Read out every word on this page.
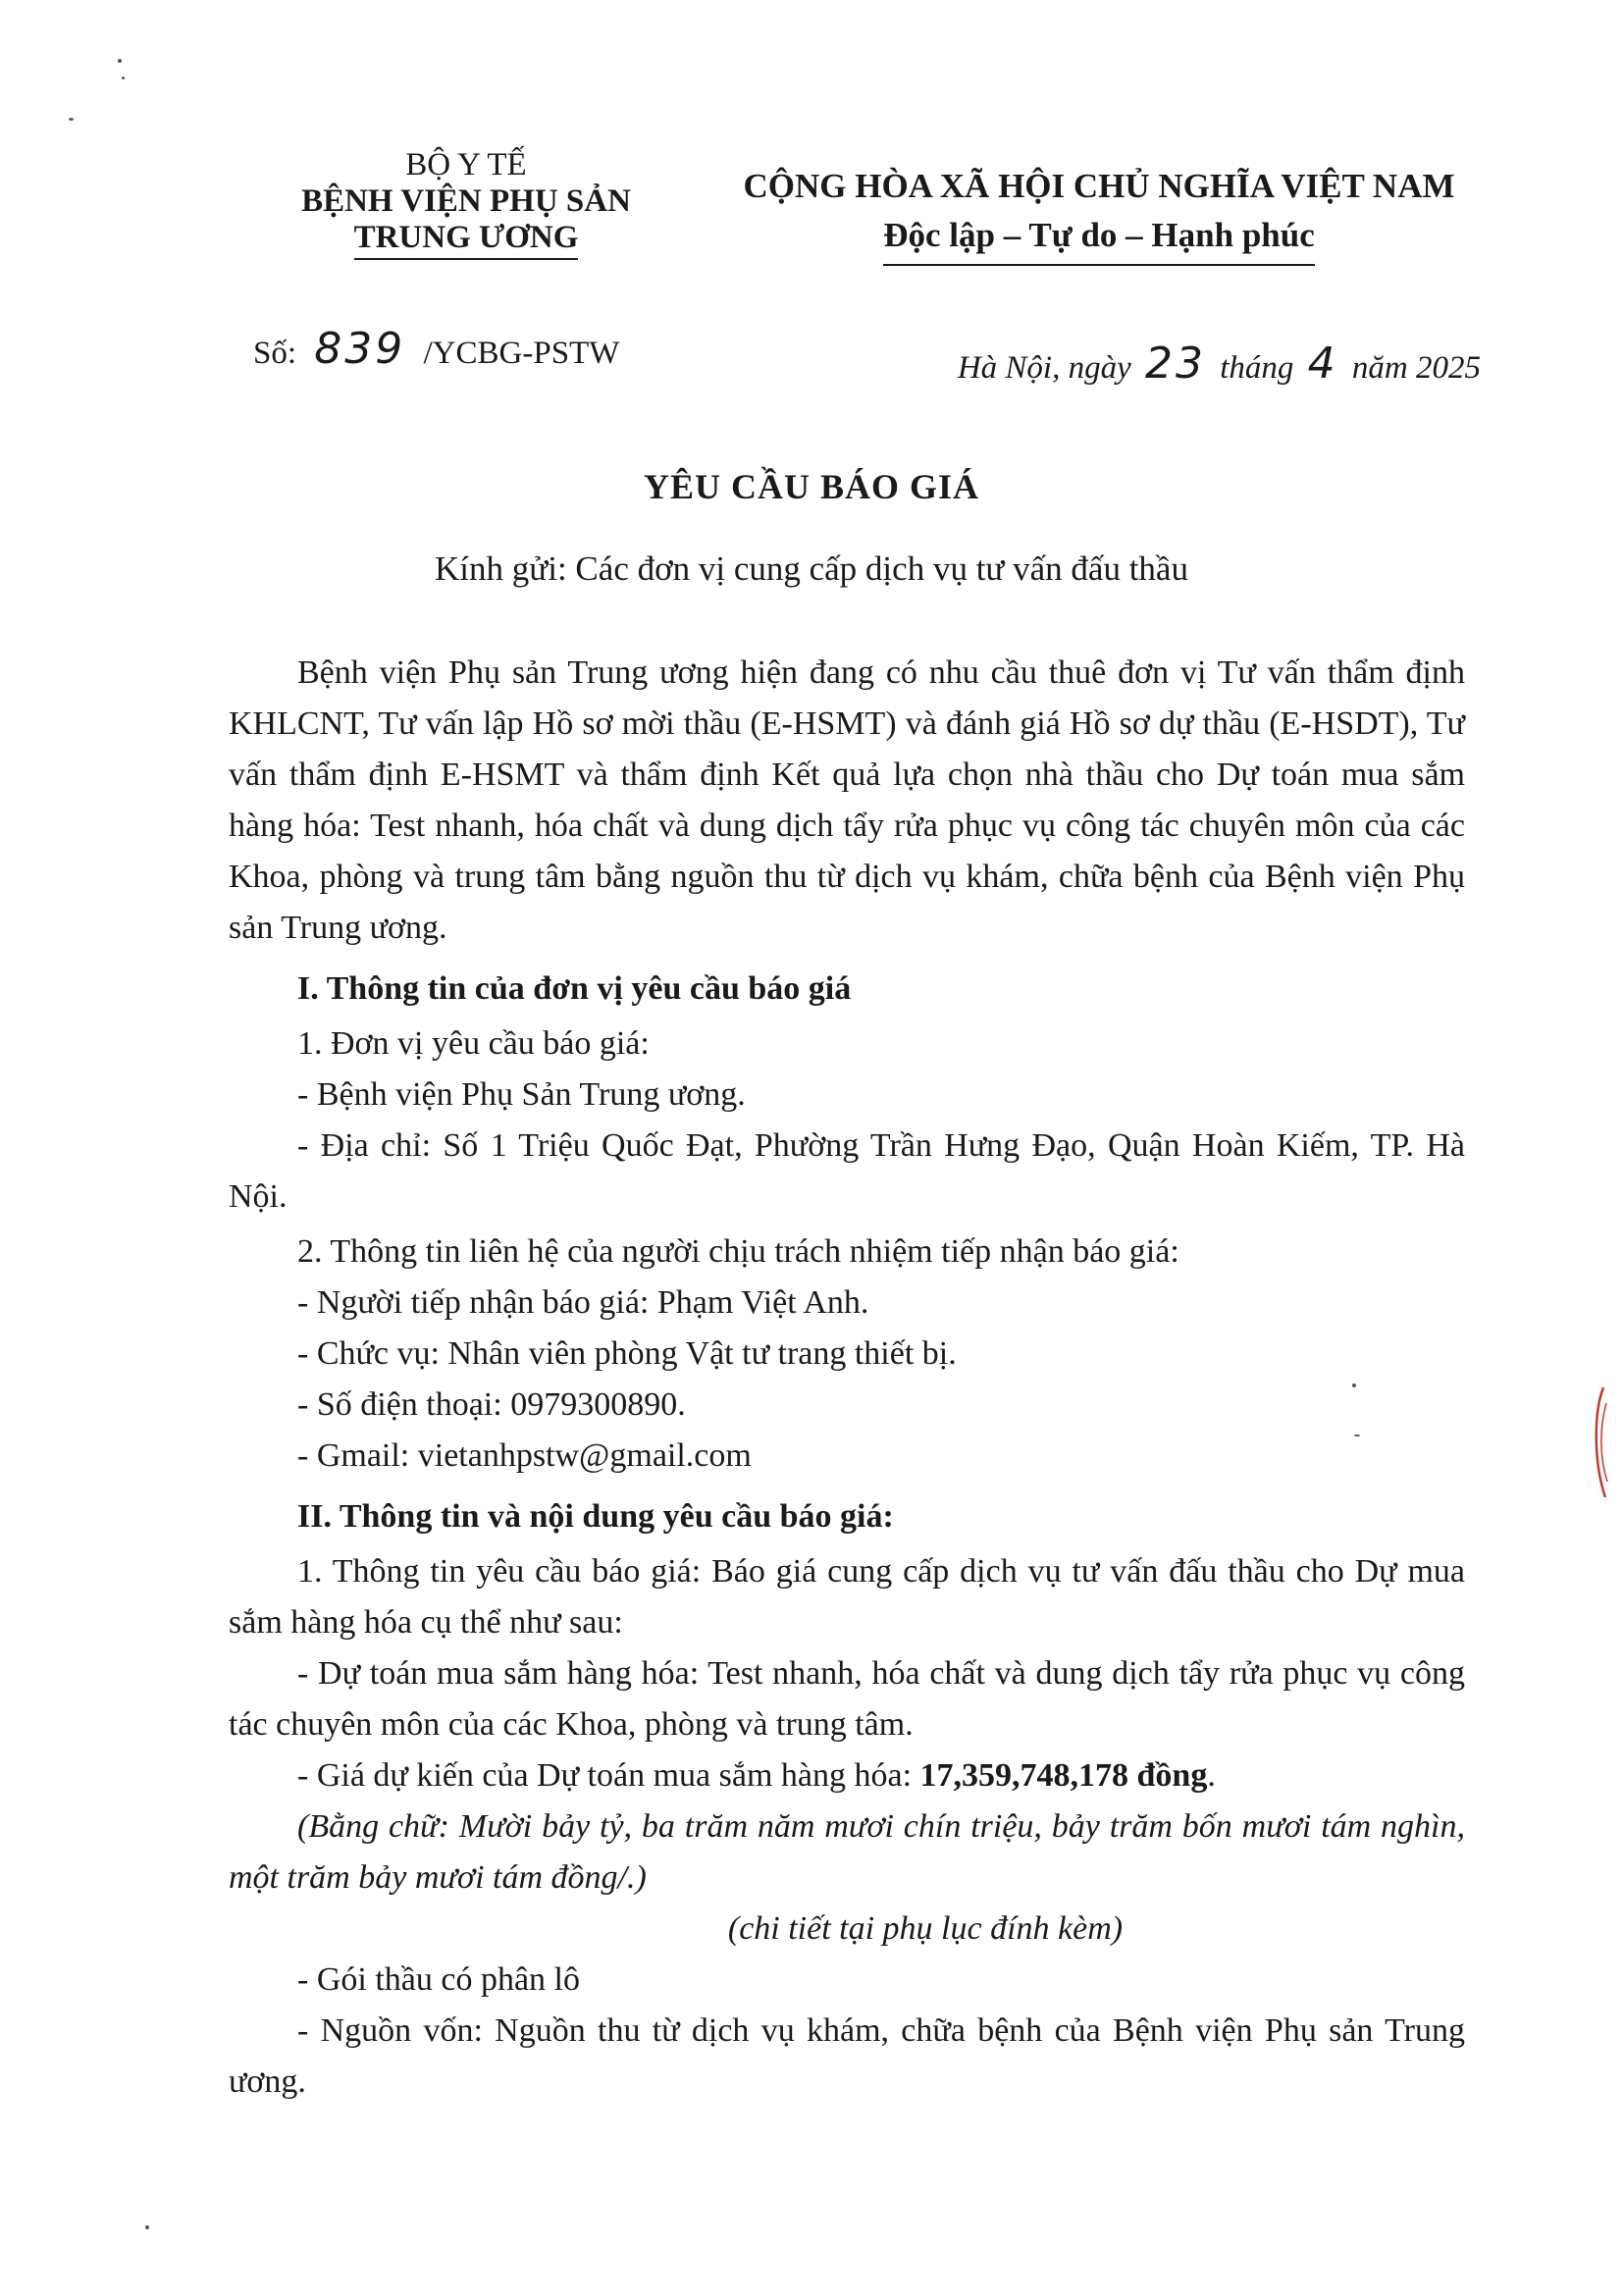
BỘ Y TẾ
BỆNH VIỆN PHỤ SẢN
TRUNG ƯƠNG
CỘNG HÒA XÃ HỘI CHỦ NGHĨA VIỆT NAM
Độc lập – Tự do – Hạnh phúc
Số: 839 /YCBG-PSTW	Hà Nội, ngày 23 tháng 4 năm 2025
YÊU CẦU BÁO GIÁ
Kính gửi: Các đơn vị cung cấp dịch vụ tư vấn đấu thầu

Bệnh viện Phụ sản Trung ương hiện đang có nhu cầu thuê đơn vị Tư vấn thẩm định KHLCNT, Tư vấn lập Hồ sơ mời thầu (E-HSMT) và đánh giá Hồ sơ dự thầu (E-HSDT), Tư vấn thẩm định E-HSMT và thẩm định Kết quả lựa chọn nhà thầu cho Dự toán mua sắm hàng hóa: Test nhanh, hóa chất và dung dịch tẩy rửa phục vụ công tác chuyên môn của các Khoa, phòng và trung tâm bằng nguồn thu từ dịch vụ khám, chữa bệnh của Bệnh viện Phụ sản Trung ương.

I. Thông tin của đơn vị yêu cầu báo giá

1. Đơn vị yêu cầu báo giá:

- Bệnh viện Phụ Sản Trung ương.

- Địa chỉ: Số 1 Triệu Quốc Đạt, Phường Trần Hưng Đạo, Quận Hoàn Kiếm, TP. Hà Nội.

2. Thông tin liên hệ của người chịu trách nhiệm tiếp nhận báo giá:

- Người tiếp nhận báo giá: Phạm Việt Anh.

- Chức vụ: Nhân viên phòng Vật tư trang thiết bị.

- Số điện thoại: 0979300890.

- Gmail: vietanhpstw@gmail.com

II. Thông tin và nội dung yêu cầu báo giá:

1. Thông tin yêu cầu báo giá: Báo giá cung cấp dịch vụ tư vấn đấu thầu cho Dự mua sắm hàng hóa cụ thể như sau:

- Dự toán mua sắm hàng hóa: Test nhanh, hóa chất và dung dịch tẩy rửa phục vụ công tác chuyên môn của các Khoa, phòng và trung tâm.

- Giá dự kiến của Dự toán mua sắm hàng hóa: 17,359,748,178 đồng.

(Bằng chữ: Mười bảy tỷ, ba trăm năm mươi chín triệu, bảy trăm bốn mươi tám nghìn, một trăm bảy mươi tám đồng/.)

(chi tiết tại phụ lục đính kèm)

- Gói thầu có phân lô

- Nguồn vốn: Nguồn thu từ dịch vụ khám, chữa bệnh của Bệnh viện Phụ sản Trung ương.
